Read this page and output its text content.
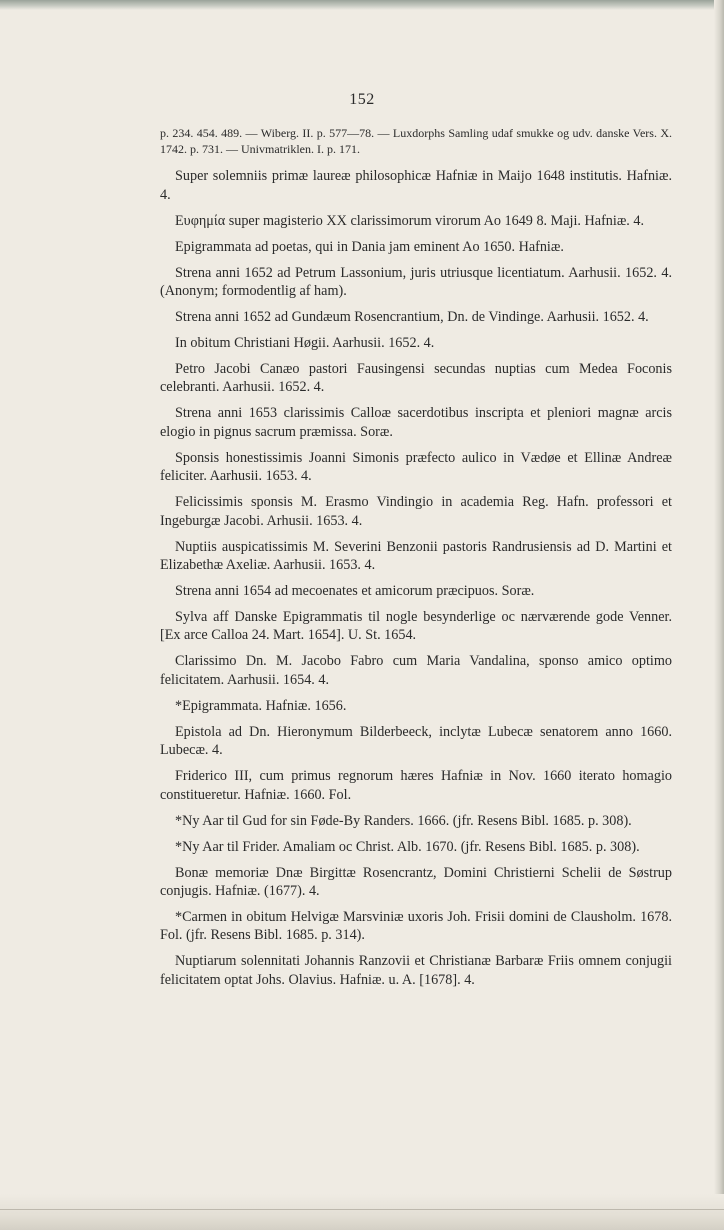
152
p. 234. 454. 489. — Wiberg. II. p. 577—78. — Luxdorphs Samling udaf smukke og udv. danske Vers. X. 1742. p. 731. — Univmatriklen. I. p. 171.

Super solemniis primæ laureæ philosophicæ Hafniæ in Maijo 1648 institutis. Hafniæ. 4.

Ευφημία super magisterio XX clarissimorum virorum Ao 1649 8. Maji. Hafniæ. 4.

Epigrammata ad poetas, qui in Dania jam eminent Ao 1650. Hafniæ.

Strena anni 1652 ad Petrum Lassonium, juris utriusque licentiatum. Aarhusii. 1652. 4. (Anonym; formodentlig af ham).

Strena anni 1652 ad Gundæum Rosencrantium, Dn. de Vindinge. Aarhusii. 1652. 4.

In obitum Christiani Høgii. Aarhusii. 1652. 4.

Petro Jacobi Canæo pastori Fausingensi secundas nuptias cum Medea Foconis celebranti. Aarhusii. 1652. 4.

Strena anni 1653 clarissimis Calloæ sacerdotibus inscripta et pleniori magnæ arcis elogio in pignus sacrum præmissa. Soræ.

Sponsis honestissimis Joanni Simonis præfecto aulico in Vædøe et Ellinæ Andreæ feliciter. Aarhusii. 1653. 4.

Felicissimis sponsis M. Erasmo Vindingio in academia Reg. Hafn. professori et Ingeburgæ Jacobi. Arhusii. 1653. 4.

Nuptiis auspicatissimis M. Severini Benzonii pastoris Randrusiensis ad D. Martini et Elizabethæ Axeliæ. Aarhusii. 1653. 4.

Strena anni 1654 ad mecoenates et amicorum præcipuos. Soræ.

Sylva aff Danske Epigrammatis til nogle besynderlige oc nærværende gode Venner. [Ex arce Calloa 24. Mart. 1654]. U. St. 1654.

Clarissimo Dn. M. Jacobo Fabro cum Maria Vandalina, sponso amico optimo felicitatem. Aarhusii. 1654. 4.

*Epigrammata. Hafniæ. 1656.

Epistola ad Dn. Hieronymum Bilderbeeck, inclytæ Lubecæ senatorem anno 1660. Lubecæ. 4.

Friderico III, cum primus regnorum hæres Hafniæ in Nov. 1660 iterato homagio constitueretur. Hafniæ. 1660. Fol.

*Ny Aar til Gud for sin Føde-By Randers. 1666. (jfr. Resens Bibl. 1685. p. 308).

*Ny Aar til Frider. Amaliam oc Christ. Alb. 1670. (jfr. Resens Bibl. 1685. p. 308).

Bonæ memoriæ Dnæ Birgittæ Rosencrantz, Domini Christierni Schelii de Søstrup conjugis. Hafniæ. (1677). 4.

*Carmen in obitum Helvigæ Marsviniæ uxoris Joh. Frisii domini de Clausholm. 1678. Fol. (jfr. Resens Bibl. 1685. p. 314).

Nuptiarum solennitati Johannis Ranzovii et Christianæ Barbaræ Friis omnem conjugii felicitatem optat Johs. Olavius. Hafniæ. u. A. [1678]. 4.
